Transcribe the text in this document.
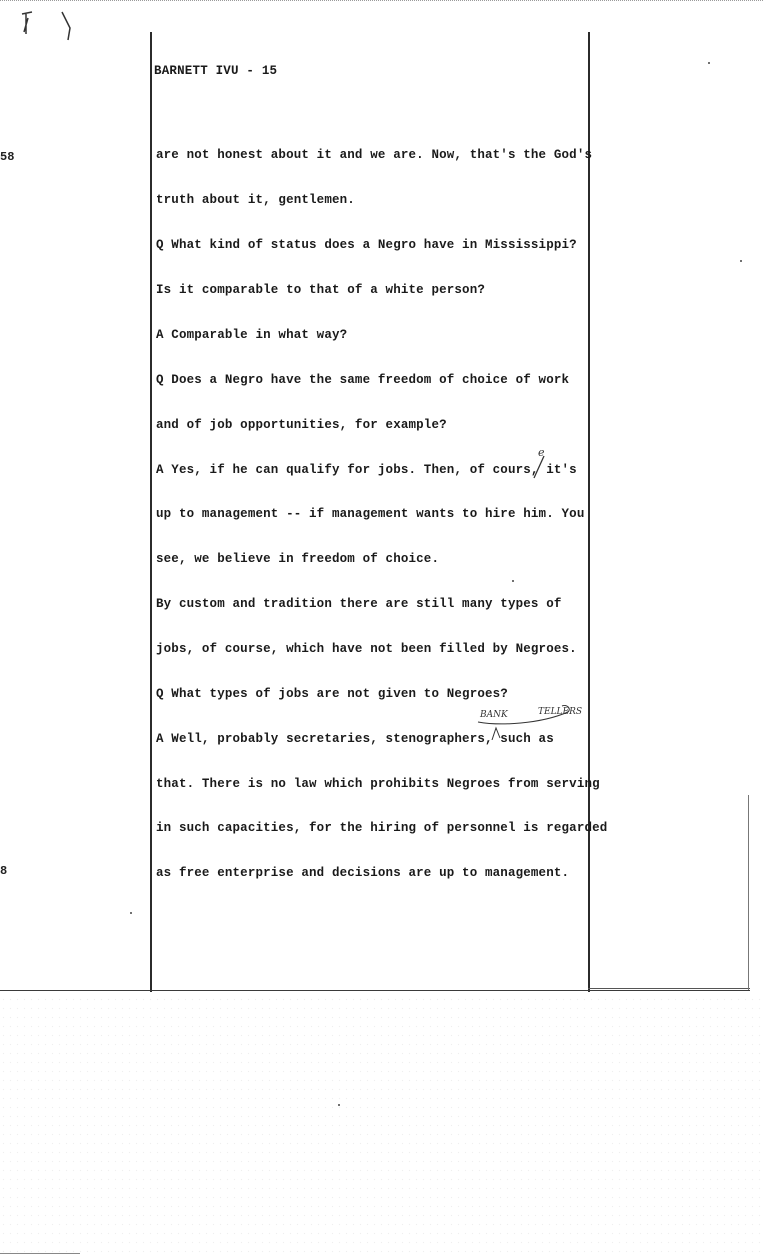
58
8
BARNETT IVU - 15
are not honest about it and we are. Now, that's the God's
truth about it, gentlemen.
Q What kind of status does a Negro have in Mississippi?
Is it comparable to that of a white person?
A Comparable in what way?
Q Does a Negro have the same freedom of choice of work
and of job opportunities, for example?
A Yes, if he can qualify for jobs. Then, of cours, it's
up to management -- if management wants to hire him. You
see, we believe in freedom of choice.
By custom and tradition there are still many types of
jobs, of course, which have not been filled by Negroes.
Q What types of jobs are not given to Negroes?
A Well, probably secretaries, stenographers, such as
that. There is no law which prohibits Negroes from serving
in such capacities, for the hiring of personnel is regarded
as free enterprise and decisions are up to management.
e
BANK	TELLERS
